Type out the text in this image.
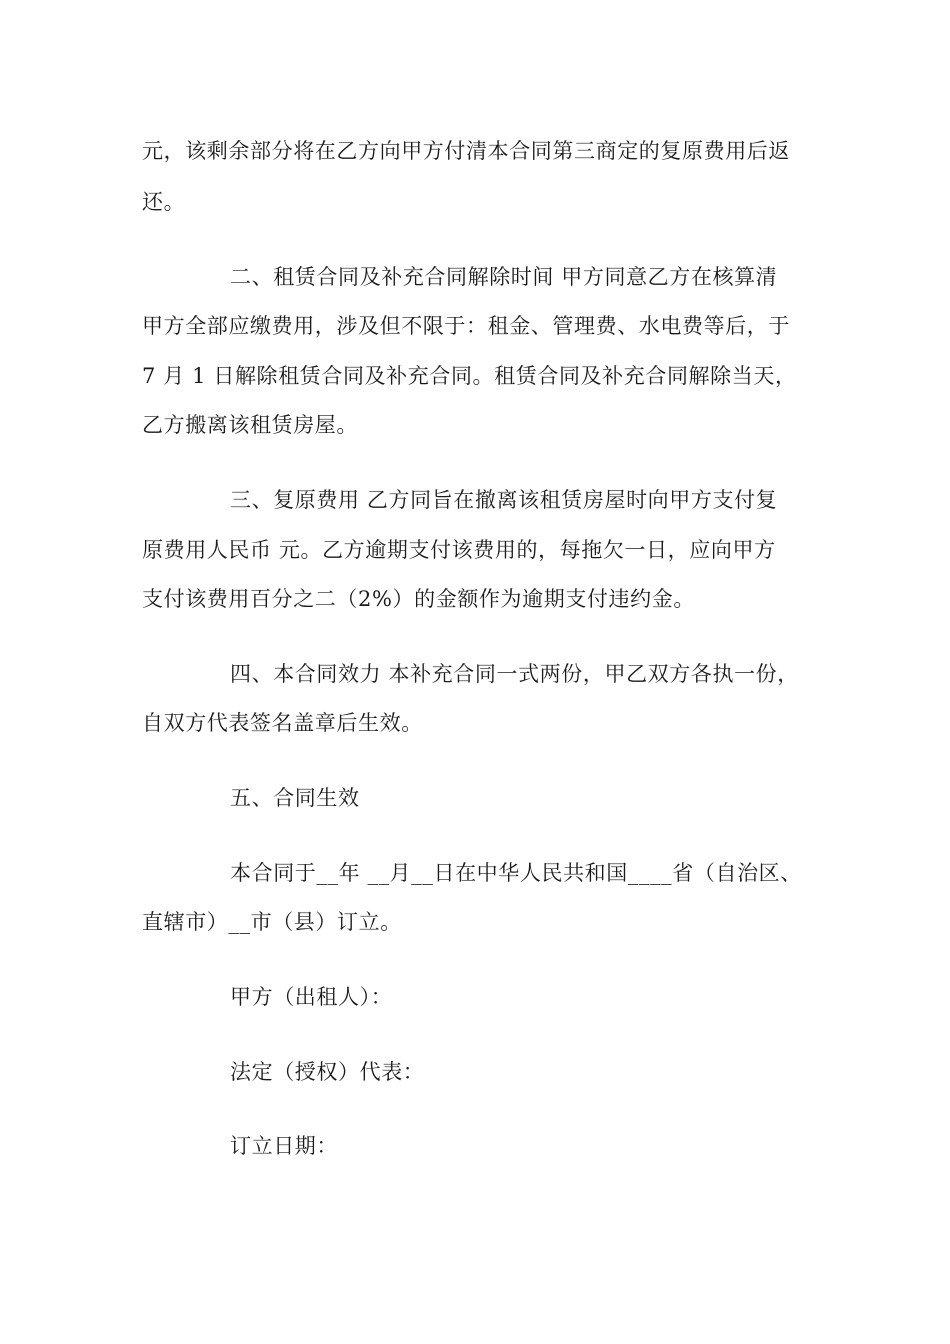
元，该剩余部分将在乙方向甲方付清本合同第三商定的复原费用后返
还。
二、租赁合同及补充合同解除时间 甲方同意乙方在核算清
甲方全部应缴费用，涉及但不限于：租金、管理费、水电费等后，于
7 月 1 日解除租赁合同及补充合同。租赁合同及补充合同解除当天，
乙方搬离该租赁房屋。
三、复原费用 乙方同旨在撤离该租赁房屋时向甲方支付复
原费用人民币 元。乙方逾期支付该费用的，每拖欠一日，应向甲方
支付该费用百分之二（2%）的金额作为逾期支付违约金。
四、本合同效力 本补充合同一式两份，甲乙双方各执一份，
自双方代表签名盖章后生效。
五、合同生效
本合同于__年 __月__日在中华人民共和国____省（自治区、
直辖市）__市（县）订立。
甲方（出租人）：
法定（授权）代表：
订立日期：
